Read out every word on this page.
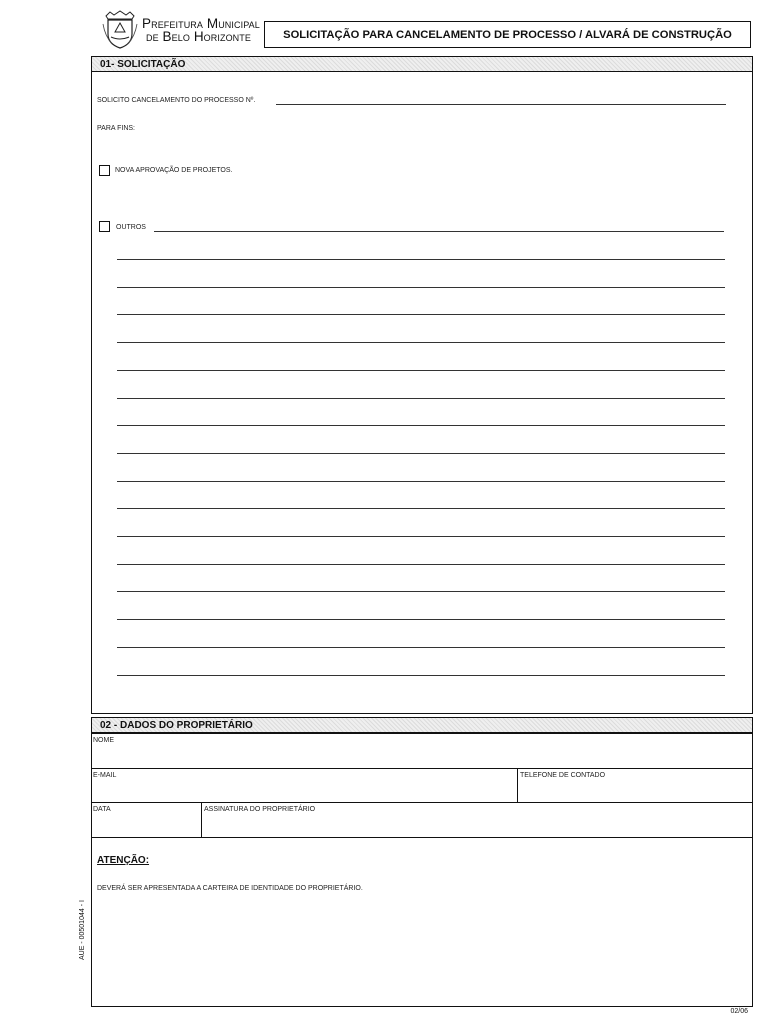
Prefeitura Municipal
de Belo Horizonte	SOLICITAÇÃO PARA CANCELAMENTO DE PROCESSO / ALVARÁ DE CONSTRUÇÃO
01- SOLICITAÇÃO
SOLICITO CANCELAMENTO DO PROCESSO Nº.
PARA FINS:
NOVA APROVAÇÃO DE PROJETOS.
OUTROS
02 - DADOS DO PROPRIETÁRIO
NOME
E-MAIL	TELEFONE DE CONTADO
DATA	ASSINATURA DO PROPRIETÁRIO
ATENÇÃO:
DEVERÁ SER APRESENTADA A CARTEIRA DE IDENTIDADE DO PROPRIETÁRIO.
AUE - 00501044 - I
02/06
